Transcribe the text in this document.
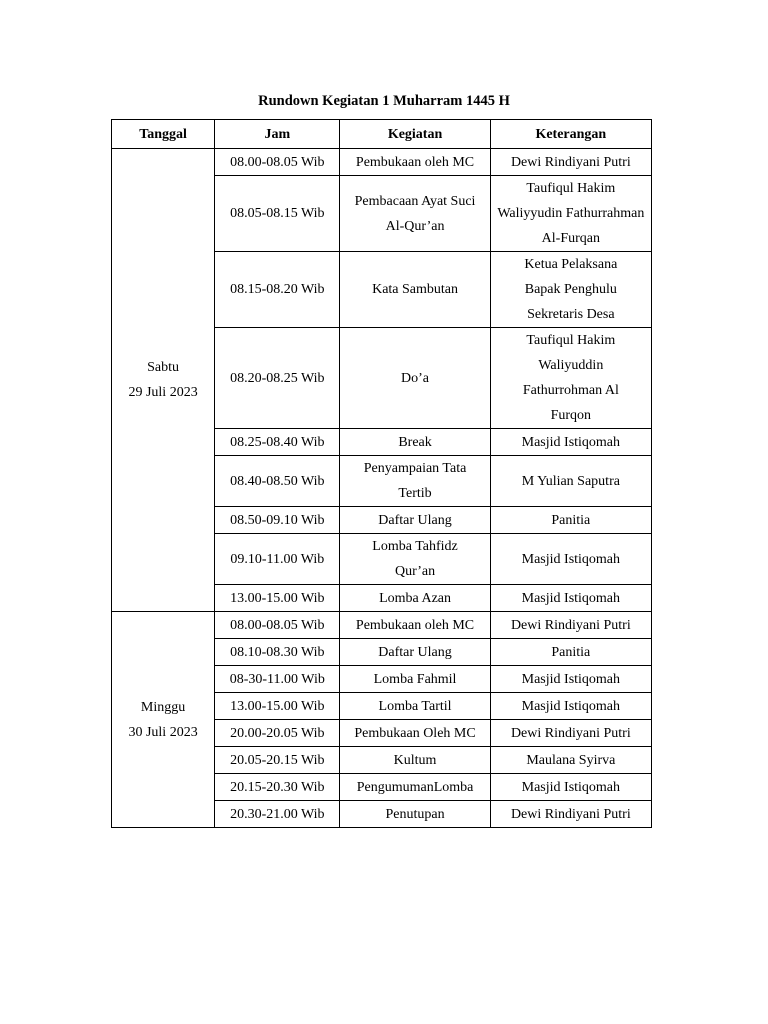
Rundown Kegiatan 1 Muharram 1445 H
Tanggal	Jam	Kegiatan	Keterangan

Sabtu
29 Juli 2023	08.00-08.05 Wib	Pembukaan oleh MC	Dewi Rindiyani Putri

	08.05-08.15 Wib	Pembacaan Ayat Suci
Al-Qur’an	Taufiqul Hakim
Waliyyudin Fathurrahman
Al-Furqan

	08.15-08.20 Wib	Kata Sambutan	Ketua Pelaksana
Bapak Penghulu
Sekretaris Desa

	08.20-08.25 Wib	Do’a	Taufiqul Hakim
Waliyuddin
Fathurrohman Al
Furqon

	08.25-08.40 Wib	Break	Masjid Istiqomah

	08.40-08.50 Wib	Penyampaian Tata
Tertib	M Yulian Saputra

	08.50-09.10 Wib	Daftar Ulang	Panitia

	09.10-11.00 Wib	Lomba Tahfidz
Qur’an	Masjid Istiqomah

	13.00-15.00 Wib	Lomba Azan	Masjid Istiqomah

Minggu
30 Juli 2023	08.00-08.05 Wib	Pembukaan oleh MC	Dewi Rindiyani Putri

	08.10-08.30 Wib	Daftar Ulang	Panitia

	08-30-11.00 Wib	Lomba Fahmil	Masjid Istiqomah

	13.00-15.00 Wib	Lomba Tartil	Masjid Istiqomah

	20.00-20.05 Wib	Pembukaan Oleh MC	Dewi Rindiyani Putri

	20.05-20.15 Wib	Kultum	Maulana Syirva

	20.15-20.30 Wib	PengumumanLomba	Masjid Istiqomah

	20.30-21.00 Wib	Penutupan	Dewi Rindiyani Putri
